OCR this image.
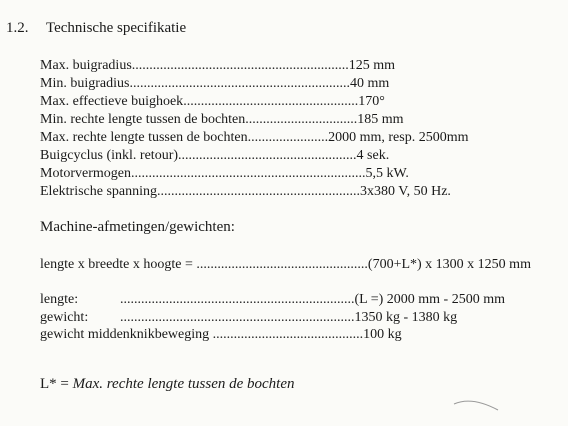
1.2. Technische specifikatie
Max. buigradius..............................................................125 mm
Min. buigradius...............................................................40 mm
Max. effectieve buighoek..................................................170°
Min. rechte lengte tussen de bochten................................185 mm
Max. rechte lengte tussen de bochten.......................2000 mm, resp. 2500mm
Buigcyclus (inkl. retour)...................................................4 sek.
Motorvermogen...................................................................5,5 kW.
Elektrische spanning..........................................................3x380 V, 50 Hz.
Machine-afmetingen/gewichten:
lengte x breedte x hoogte = .................................................(700+L*) x 1300 x 1250 mm
lengte:	...................................................................(L =) 2000 mm - 2500 mm
gewicht: ...................................................................1350 kg - 1380 kg
gewicht middenknikbeweging ...........................................100 kg
L* = Max. rechte lengte tussen de bochten
